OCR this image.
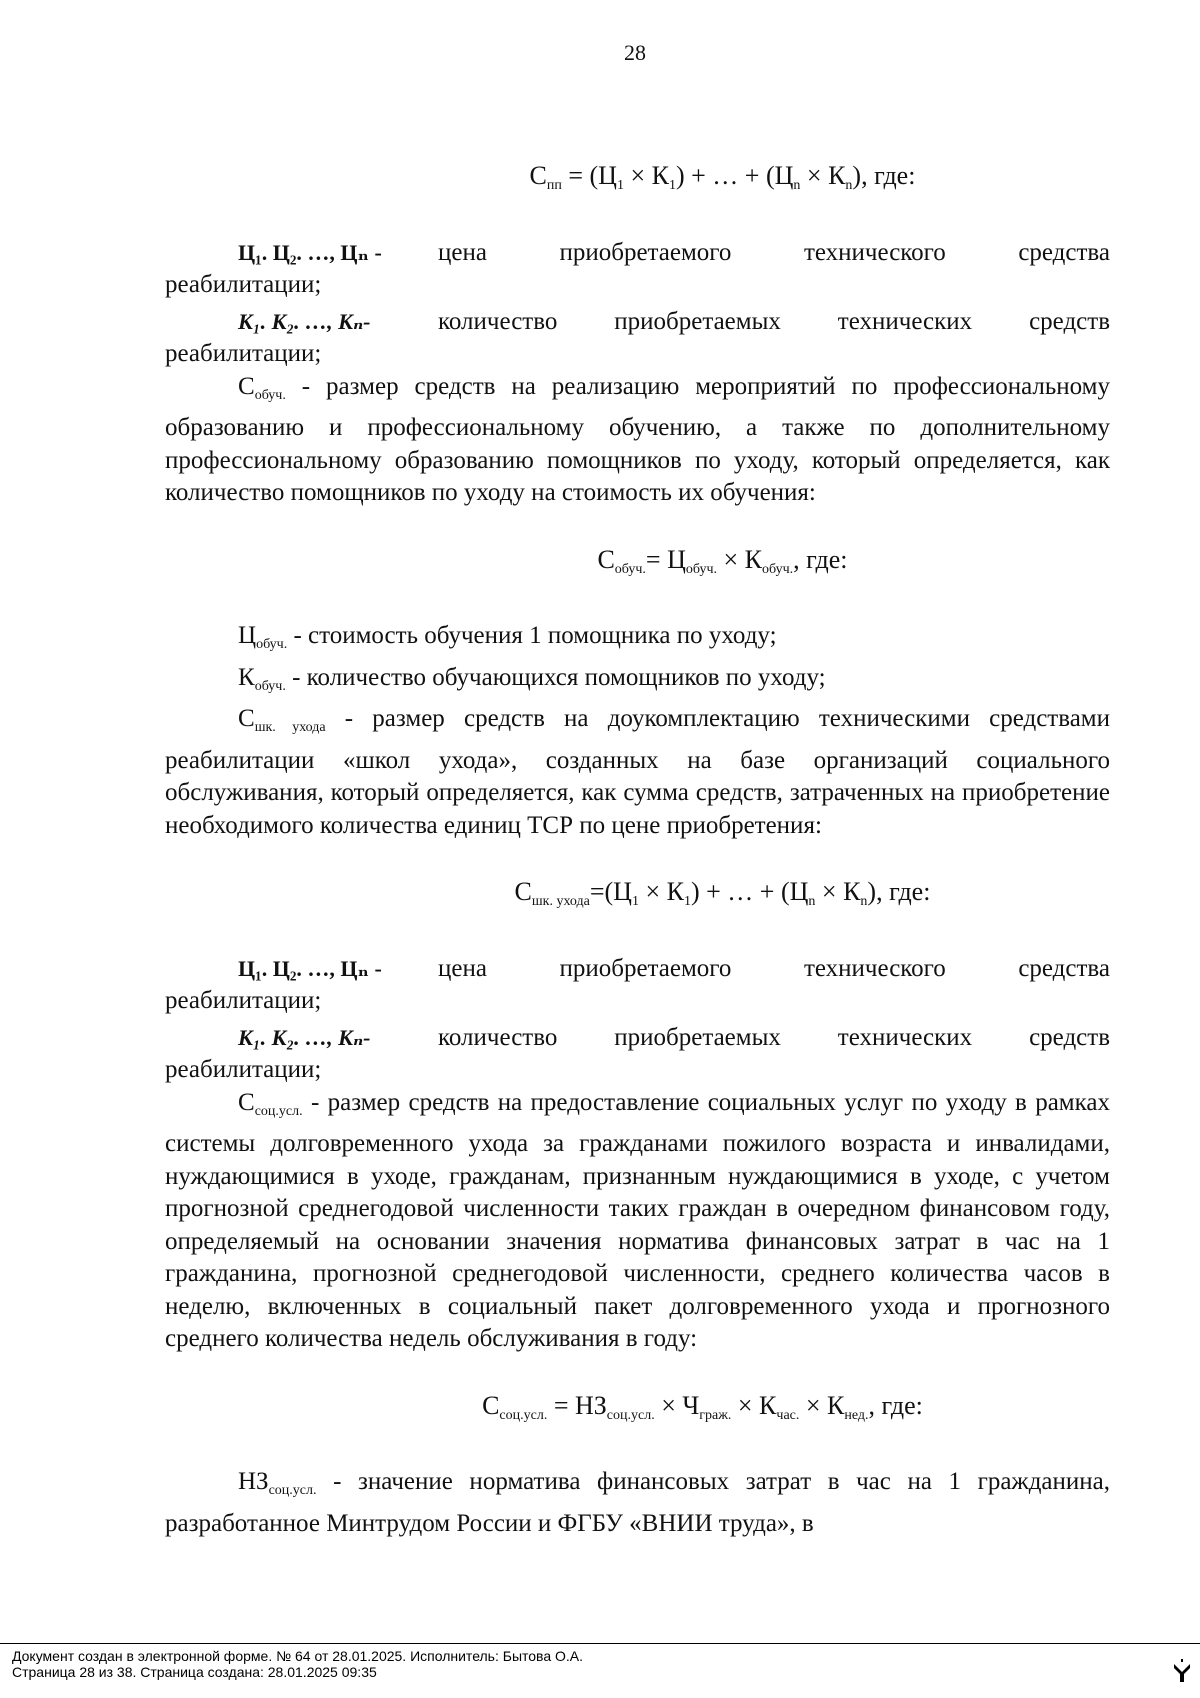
28
$C_{пп} = (Ц_1 \times К_1)$ + … + $(Ц_n \times К_n)$, где:
Ц₁. Ц₂. …, Цₙ -	цена приобретаемого технического средства
реабилитации;
К₁. К₂. …, Кₙ-	количество приобретаемых технических средств
реабилитации;
$C_{обуч.}$ - размер средств на реализацию мероприятий по профессиональному образованию и профессиональному обучению, а также по дополнительному профессиональному образованию помощников по уходу, который определяется, как количество помощников по уходу на стоимость их обучения:
$С_{обуч.}= Ц_{обуч.} \times К_{обуч.}$, где:
$Ц_{обуч.}$ - стоимость обучения 1 помощника по уходу;
$К_{обуч.}$ - количество обучающихся помощников по уходу;
$С_{шк. ухода}$ - размер средств на доукомплектацию техническими средствами реабилитации «школ ухода», созданных на базе организаций социального обслуживания, который определяется, как сумма средств, затраченных на приобретение необходимого количества единиц ТСР по цене приобретения:
$С_{шк. ухода}=(Ц_1 \times К_1)$ + … + $(Ц_n \times К_n)$, где:
Ц₁. Ц₂. …, Цₙ -	цена приобретаемого технического средства
реабилитации;
К₁. К₂. …, Кₙ-	количество приобретаемых технических средств
реабилитации;
$С_{соц.усл.}$ - размер средств на предоставление социальных услуг по уходу в рамках системы долговременного ухода за гражданами пожилого возраста и инвалидами, нуждающимися в уходе, гражданам, признанным нуждающимися в уходе, с учетом прогнозной среднегодовой численности таких граждан в очередном финансовом году, определяемый на основании значения норматива финансовых затрат в час на 1 гражданина, прогнозной среднегодовой численности, среднего количества часов в неделю, включенных в социальный пакет долговременного ухода и прогнозного среднего количества недель обслуживания в году:
$С_{соц.усл.} = НЗ_{соц.усл.} \times Ч_{граж.} \times К_{час.} \times К_{нед.}$, где:
$НЗ_{соц.усл.}$ - значение норматива финансовых затрат в час на 1 гражданина, разработанное Минтрудом России и ФГБУ «ВНИИ труда», в
Документ создан в электронной форме. № 64 от 28.01.2025. Исполнитель: Бытова О.А.
Страница 28 из 38. Страница создана: 28.01.2025 09:35
